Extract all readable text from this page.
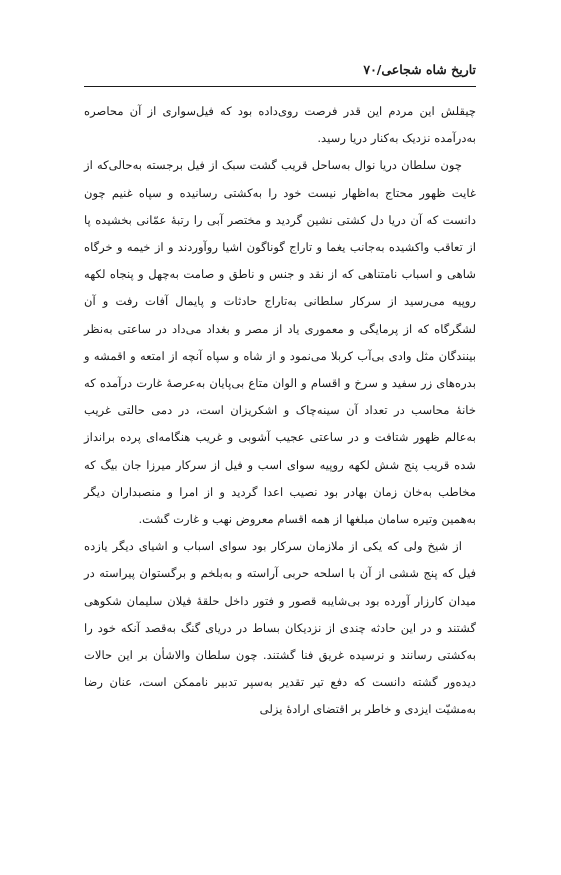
تاریخ شاه شجاعی/۷۰

چیقلش این مردم این قدر فرصت روی‌داده بود که فیل‌سواری از آن محاصره به‌درآمده نزدیک به‌کنار دریا رسید.

چون سلطان دریا نوال به‌ساحل قریب گشت سبک از فیل برجسته به‌حالی‌که از غایت ظهور محتاج به‌اظهار نیست خود را به‌کشتی رسانیده و سپاه غنیم چون دانست که آن دریا دل کشتی نشین گردید و مختصر آبی را رتبهٔ عمّانی بخشیده پا از تعاقب واکشیده به‌جانب یغما و تاراج گوناگون اشیا روآوردند و از خیمه و خرگاه شاهی و اسباب نامتناهی که از نقد و جنس و ناطق و صامت به‌چهل و پنجاه لکهه روپیه می‌رسید از سرکار سلطانی به‌تاراج حادثات و پایمال آفات رفت و آن لشگرگاه که از پرمایگی و معموری یاد از مصر و بغداد می‌داد در ساعتی به‌نظر بینندگان مثل وادی بی‌آب کربلا می‌نمود و از شاه و سپاه آنچه از امتعه و اقمشه و بدره‌های زر سفید و سرخ و اقسام و الوان متاع بی‌پایان به‌عرصهٔ غارت درآمده که خانهٔ محاسب در تعداد آن سینه‌چاک و اشکریزان است، در دمی حالتی غریب به‌عالم ظهور شتافت و در ساعتی عجیب آشوبی و غریب هنگامه‌ای پرده برانداز شده قریب پنج شش لکهه روپیه سوای اسب و فیل از سرکار میرزا جان بیگ که مخاطب به‌خان زمان بهادر بود نصیب اعدا گردید و از امرا و منصبداران دیگر به‌همین وتیره سامان مبلغها از همه اقسام معروض نهب و غارت گشت.

از شیخ ولی که یکی از ملازمان سرکار بود سوای اسباب و اشیای دیگر یازده فیل که پنج ششی از آن با اسلحه حربی آراسته و به‌بلخم و برگستوان پیراسته در میدان کارزار آورده بود بی‌شایبه قصور و فتور داخل حلقهٔ فیلان سلیمان شکوهی گشتند و در این حادثه چندی از نزدیکان بساط در دریای گنگ به‌قصد آنکه خود را به‌کشتی رسانند و نرسیده غریق فنا گشتند. چون سلطان والاشأن بر این حالات دیده‌ور گشته دانست که دفع تیر تقدیر به‌سپر تدبیر ناممکن است، عنان رضا به‌مشیّت ایزدی و خاطر بر اقتضای ارادهٔ یزلی
